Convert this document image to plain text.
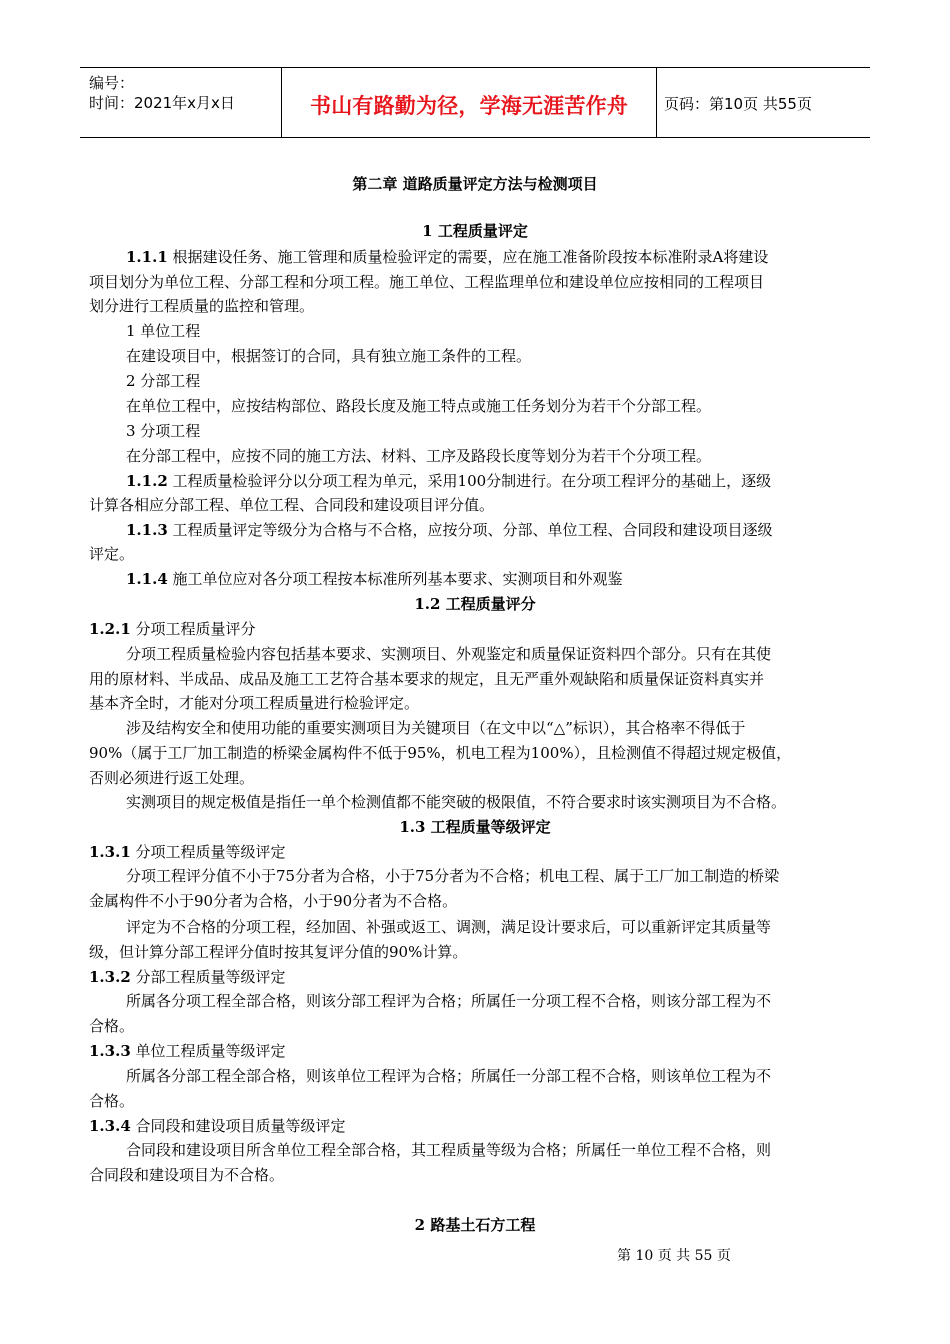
编号：
时间：2021年x月x日	书山有路勤为径，学海无涯苦作舟	页码：第10页 共55页
第二章 道路质量评定方法与检测项目
1 工程质量评定
1.1.1 根据建设任务、施工管理和质量检验评定的需要，应在施工准备阶段按本标准附录A将建设
项目划分为单位工程、分部工程和分项工程。施工单位、工程监理单位和建设单位应按相同的工程项目
划分进行工程质量的监控和管理。
1 单位工程
在建设项目中，根据签订的合同，具有独立施工条件的工程。
2 分部工程
在单位工程中，应按结构部位、路段长度及施工特点或施工任务划分为若干个分部工程。
3 分项工程
在分部工程中，应按不同的施工方法、材料、工序及路段长度等划分为若干个分项工程。
1.1.2 工程质量检验评分以分项工程为单元，采用100分制进行。在分项工程评分的基础上，逐级
计算各相应分部工程、单位工程、合同段和建设项目评分值。
1.1.3 工程质量评定等级分为合格与不合格，应按分项、分部、单位工程、合同段和建设项目逐级
评定。
1.1.4 施工单位应对各分项工程按本标准所列基本要求、实测项目和外观鉴
1.2 工程质量评分
1.2.1 分项工程质量评分
分项工程质量检验内容包括基本要求、实测项目、外观鉴定和质量保证资料四个部分。只有在其使
用的原材料、半成品、成品及施工工艺符合基本要求的规定，且无严重外观缺陷和质量保证资料真实并
基本齐全时，才能对分项工程质量进行检验评定。
涉及结构安全和使用功能的重要实测项目为关键项目（在文中以“△”标识），其合格率不得低于
90%（属于工厂加工制造的桥梁金属构件不低于95%，机电工程为100%），且检测值不得超过规定极值，
否则必须进行返工处理。
实测项目的规定极值是指任一单个检测值都不能突破的极限值，不符合要求时该实测项目为不合格。
1.3 工程质量等级评定
1.3.1 分项工程质量等级评定
分项工程评分值不小于75分者为合格，小于75分者为不合格；机电工程、属于工厂加工制造的桥梁
金属构件不小于90分者为合格，小于90分者为不合格。
评定为不合格的分项工程，经加固、补强或返工、调测，满足设计要求后，可以重新评定其质量等
级，但计算分部工程评分值时按其复评分值的90%计算。
1.3.2 分部工程质量等级评定
所属各分项工程全部合格，则该分部工程评为合格；所属任一分项工程不合格，则该分部工程为不
合格。
1.3.3 单位工程质量等级评定
所属各分部工程全部合格，则该单位工程评为合格；所属任一分部工程不合格，则该单位工程为不
合格。
1.3.4 合同段和建设项目质量等级评定
合同段和建设项目所含单位工程全部合格，其工程质量等级为合格；所属任一单位工程不合格，则
合同段和建设项目为不合格。
2 路基土石方工程
第 10 页 共 55 页
